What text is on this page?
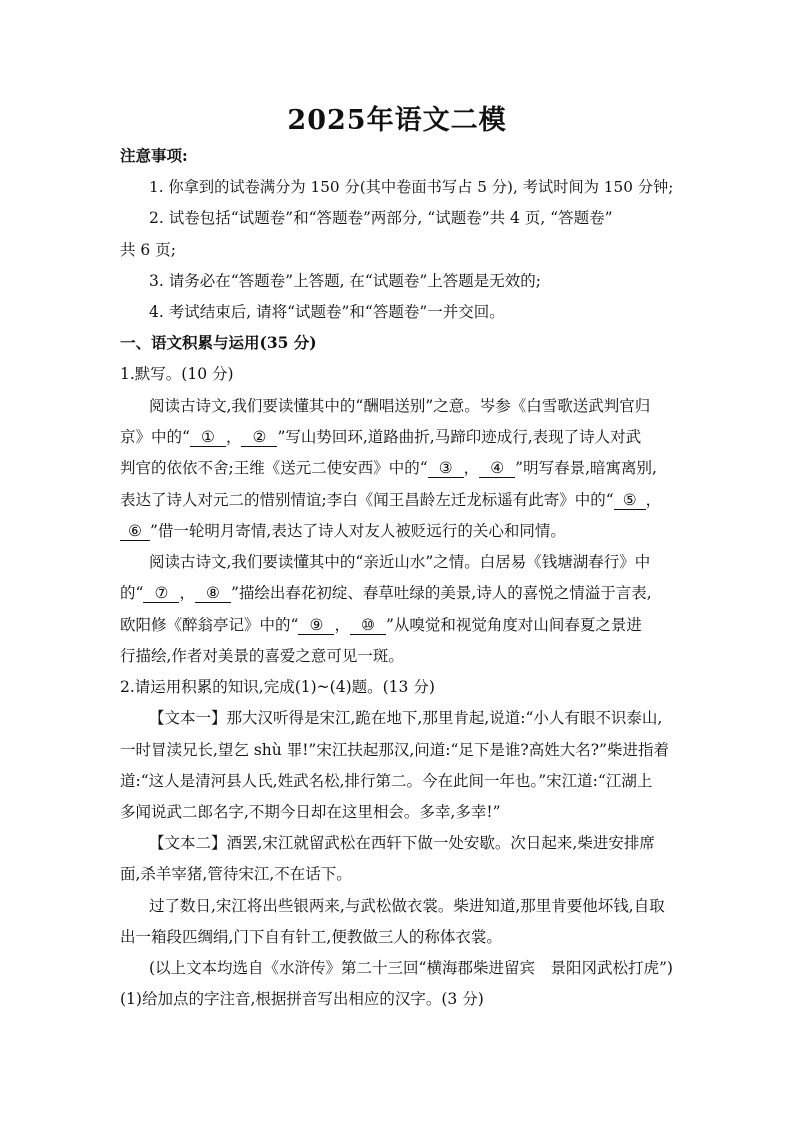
2025年语文二模
注意事项:
1. 你拿到的试卷满分为 150 分(其中卷面书写占 5 分), 考试时间为 150 分钟;
2. 试卷包括“试题卷”和“答题卷”两部分, “试题卷”共 4 页, “答题卷”
共 6 页;
3. 请务必在“答题卷”上答题, 在“试题卷”上答题是无效的;
4. 考试结束后, 请将“试题卷”和“答题卷”一并交回。
一、语文积累与运用(35 分)
1.默写。(10 分)
阅读古诗文,我们要读懂其中的“酬唱送别”之意。岑参《白雪歌送武判官归
京》中的“ ① ， ② ”写山势回环,道路曲折,马蹄印迹成行,表现了诗人对武
判官的依依不舍;王维《送元二使安西》中的“ ③ ， ④ ”明写春景,暗寓离别,
表达了诗人对元二的惜别情谊;李白《闻王昌龄左迁龙标遥有此寄》中的“ ⑤ ，
⑥ ”借一轮明月寄情,表达了诗人对友人被贬远行的关心和同情。
阅读古诗文,我们要读懂其中的“亲近山水”之情。白居易《钱塘湖春行》中
的“ ⑦ ， ⑧ ”描绘出春花初绽、春草吐绿的美景,诗人的喜悦之情溢于言表,
欧阳修《醉翁亭记》中的“ ⑨ ， ⑩ ”从嗅觉和视觉角度对山间春夏之景进
行描绘,作者对美景的喜爱之意可见一斑。
2.请运用积累的知识,完成(1)~(4)题。(13 分)
【文本一】那大汉听得是宋江,跪在地下,那里肯起,说道:“小人有眼不识泰山,
一时冒渎兄长,望乞 shù 罪!”宋江扶起那汉,问道:“足下是谁?高姓大名?”柴进指着
道:“这人是清河县人氏,姓武名松,排行第二。今在此间一年也。”宋江道:“江湖上
多闻说武二郎名字,不期今日却在这里相会。多幸,多幸!”
【文本二】酒罢,宋江就留武松在西轩下做一处安歇。次日起来,柴进安排席
面,杀羊宰猪,管待宋江,不在话下。
过了数日,宋江将出些银两来,与武松做衣裳。柴进知道,那里肯要他坏钱,自取
出一箱段匹绸绢,门下自有针工,便教做三人的称体衣裳。
(以上文本均选自《水浒传》第二十三回“横海郡柴进留宾　景阳冈武松打虎”)
(1)给加点的字注音,根据拼音写出相应的汉字。(3 分)
